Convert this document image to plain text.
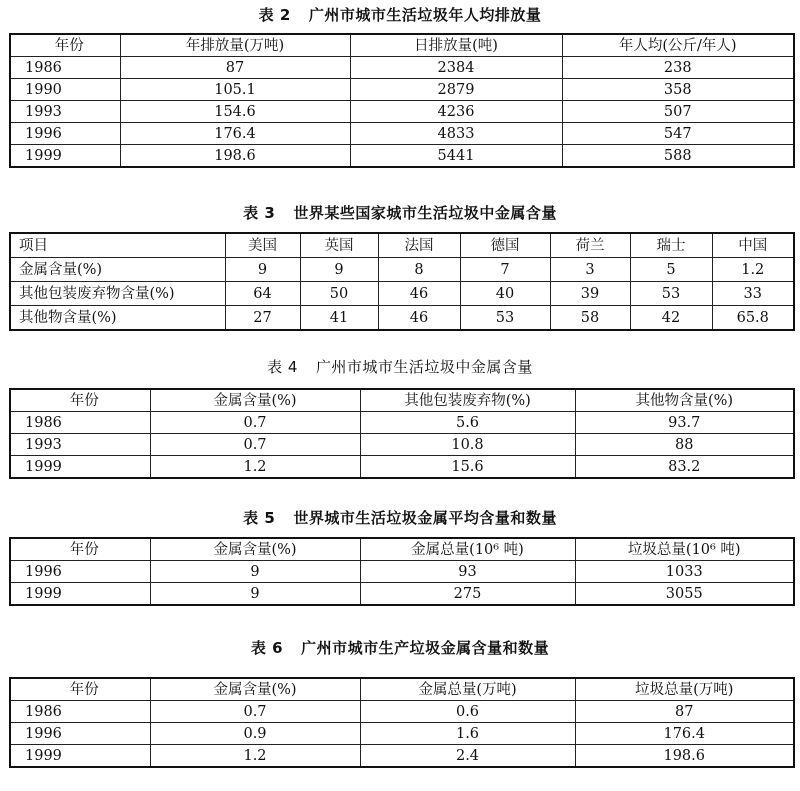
表 2 广州市城市生活垃圾年人均排放量
年份	年排放量(万吨)	日排放量(吨)	年人均(公斤/年人)
1986	87	2384	238
1990	105.1	2879	358
1993	154.6	4236	507
1996	176.4	4833	547
1999	198.6	5441	588
表 3 世界某些国家城市生活垃圾中金属含量
项目	美国	英国	法国	德国	荷兰	瑞士	中国
金属含量(%)	9	9	8	7	3	5	1.2
其他包装废弃物含量(%)	64	50	46	40	39	53	33
其他物含量(%)	27	41	46	53	58	42	65.8
表 4 广州市城市生活垃圾中金属含量
年份	金属含量(%)	其他包装废弃物(%)	其他物含量(%)
1986	0.7	5.6	93.7
1993	0.7	10.8	88
1999	1.2	15.6	83.2
表 5 世界城市生活垃圾金属平均含量和数量
年份	金属含量(%)	金属总量(10⁶ 吨)	垃圾总量(10⁶ 吨)
1996	9	93	1033
1999	9	275	3055
表 6 广州市城市生产垃圾金属含量和数量
年份	金属含量(%)	金属总量(万吨)	垃圾总量(万吨)
1986	0.7	0.6	87
1996	0.9	1.6	176.4
1999	1.2	2.4	198.6
